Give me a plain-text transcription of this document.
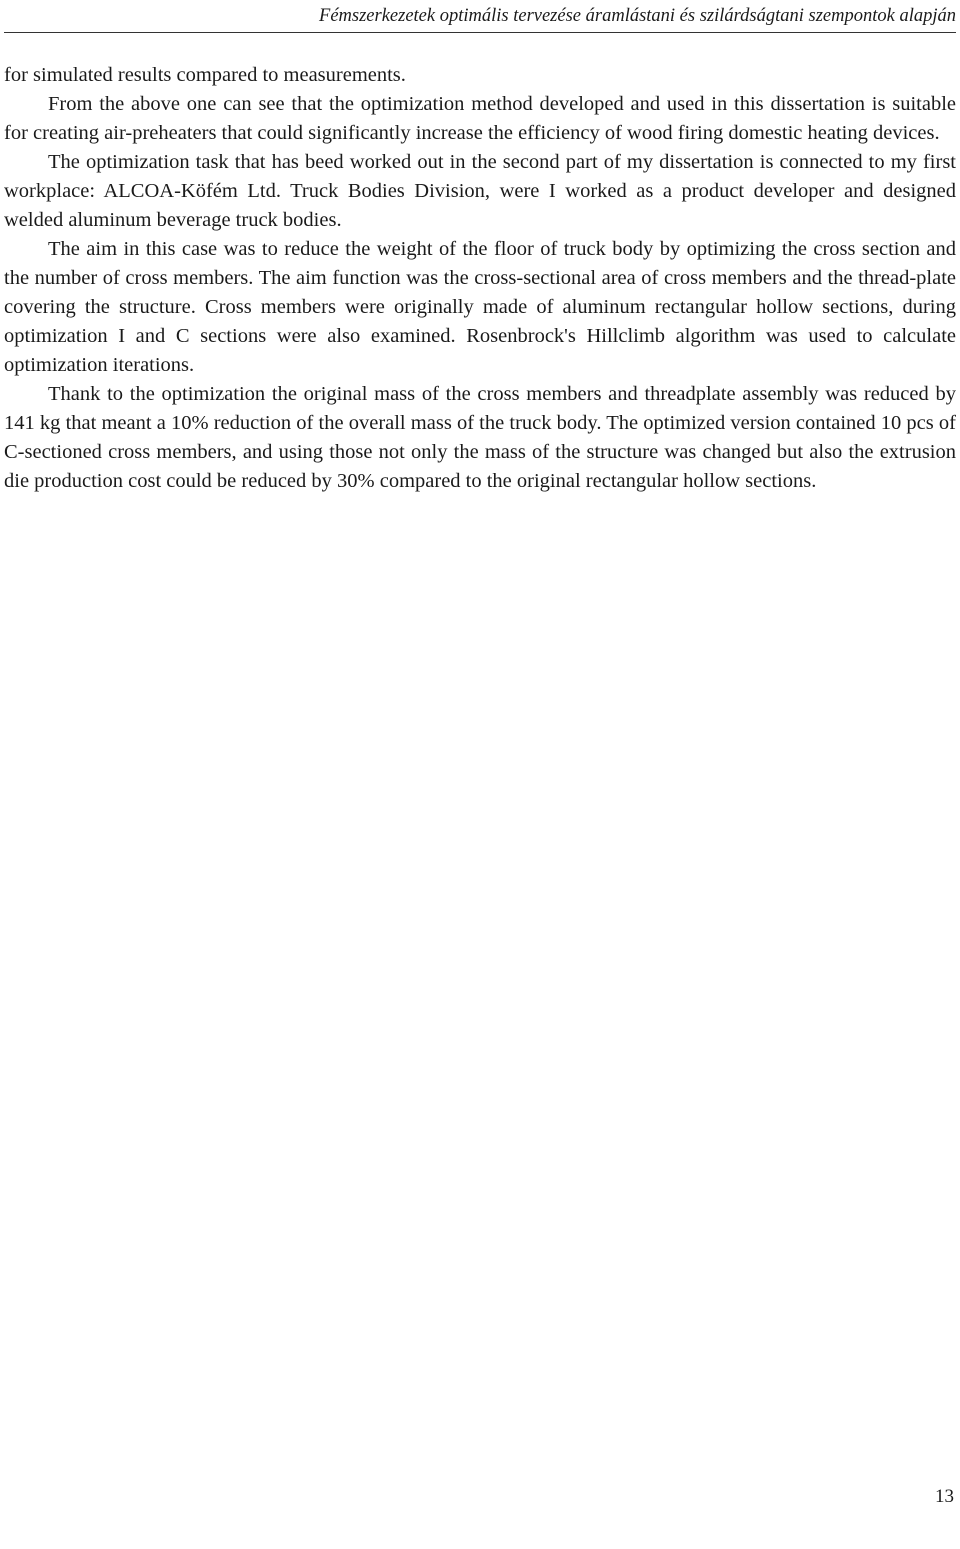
Fémszerkezetek optimális tervezése áramlástani és szilárdságtani szempontok alapján

for simulated results compared to measurements.

From the above one can see that the optimization method developed and used in this dissertation is suitable for creating air-preheaters that could significantly increase the efficiency of wood firing domestic heating devices.

The optimization task that has beed worked out in the second part of my dissertation is connected to my first workplace: ALCOA-Köfém Ltd. Truck Bodies Division, were I worked as a product developer and designed welded aluminum beverage truck bodies.

The aim in this case was to reduce the weight of the floor of truck body by optimizing the cross section and the number of cross members. The aim function was the cross-sectional area of cross members and the thread-plate covering the structure. Cross members were originally made of aluminum rectangular hollow sections, during optimization I and C sections were also examined. Rosenbrock's Hillclimb algorithm was used to calculate optimization iterations.

Thank to the optimization the original mass of the cross members and threadplate assembly was reduced by 141 kg that meant a 10% reduction of the overall mass of the truck body. The optimized version contained 10 pcs of C-sectioned cross members, and using those not only the mass of the structure was changed but also the extrusion die production cost could be reduced by 30% compared to the original rectangular hollow sections.

13
